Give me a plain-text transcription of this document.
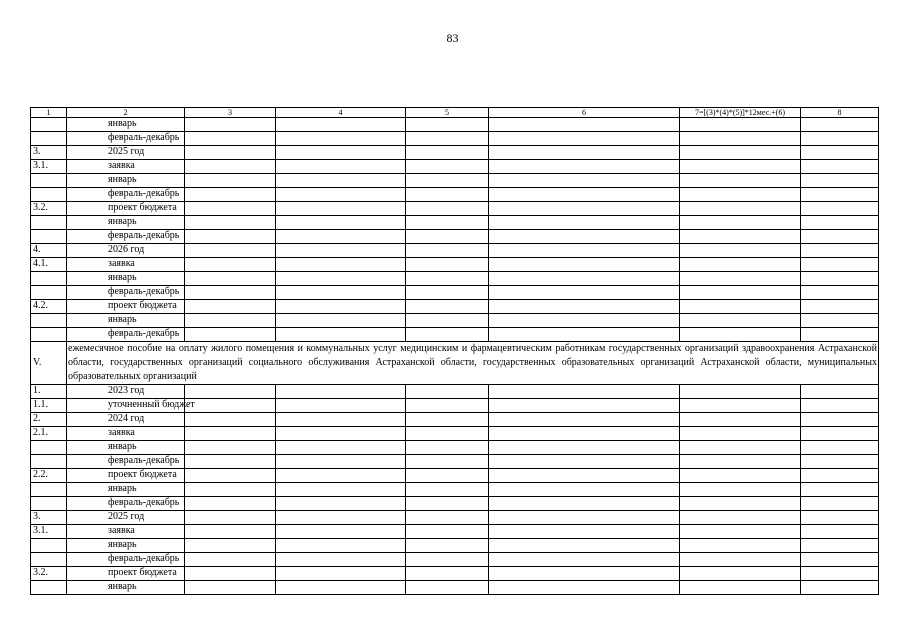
83
1	2	3	4	5	6	7=[(3)*(4)*(5)]*12мес.+(6)	8
	январь						
	февраль-декабрь						
3.	2025 год						
3.1.	заявка						
	январь						
	февраль-декабрь						
3.2.	проект бюджета						
	январь						
	февраль-декабрь						
4.	2026 год						
4.1.	заявка						
	январь						
	февраль-декабрь						
4.2.	проект бюджета						
	январь						
	февраль-декабрь						
V.	ежемесячное пособие на оплату жилого помещения и коммунальных услуг медицинским и фармацевтическим работникам государственных организаций здравоохранения Астраханской области, государственных организаций социального обслуживания Астраханской области, государственных образовательных организаций Астраханской области, муниципальных образовательных организаций						
1.	2023 год						
1.1.	уточненный бюджет						
2.	2024 год						
2.1.	заявка						
	январь						
	февраль-декабрь						
2.2.	проект бюджета						
	январь						
	февраль-декабрь						
3.	2025 год						
3.1.	заявка						
	январь						
	февраль-декабрь						
3.2.	проект бюджета						
	январь						
